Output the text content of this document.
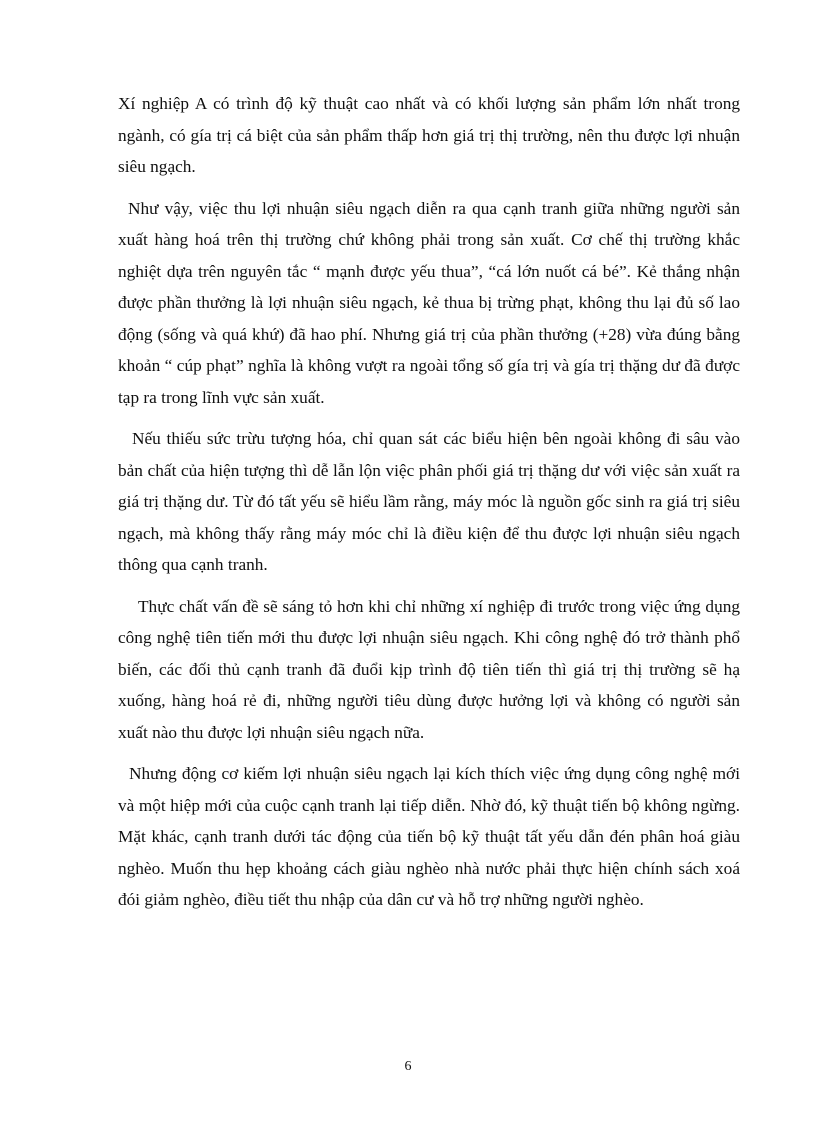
Xí nghiệp A có trình độ kỹ thuật cao nhất và có khối lượng sản phẩm lớn nhất trong ngành, có gía trị cá biệt của sản phẩm thấp hơn giá trị thị trường, nên thu được lợi nhuận siêu ngạch.

Như vậy, việc thu lợi nhuận siêu ngạch diễn ra qua cạnh tranh giữa những người sản xuất hàng hoá trên thị trường chứ không phải trong sản xuất. Cơ chế thị trường khắc nghiệt dựa trên nguyên tắc “ mạnh được yếu thua”, “cá lớn nuốt cá bé”. Kẻ thắng nhận được phần thưởng là lợi nhuận siêu ngạch, kẻ thua bị trừng phạt, không thu lại đủ số lao động (sống và quá khứ) đã hao phí. Nhưng giá trị của phần thưởng (+28) vừa đúng bằng khoản “ cúp phạt” nghĩa là không vượt ra ngoài tổng số gía trị và gía trị thặng dư đã được tạp ra trong lĩnh vực sản xuất.

Nếu thiếu sức trừu tượng hóa, chỉ quan sát các biểu hiện bên ngoài không đi sâu vào bản chất của hiện tượng thì dễ lẫn lộn việc phân phối giá trị thặng dư với việc sản xuất ra giá trị thặng dư. Từ đó tất yếu sẽ hiểu lầm rằng, máy móc là nguồn gốc sinh ra giá trị siêu ngạch, mà không thấy rằng máy móc chỉ là điều kiện để thu được lợi nhuận siêu ngạch thông qua cạnh tranh.

Thực chất vấn đề sẽ sáng tỏ hơn khi chỉ những xí nghiệp đi trước trong việc ứng dụng công nghệ tiên tiến mới thu được lợi nhuận siêu ngạch. Khi công nghệ đó trở thành phổ biến, các đối thủ cạnh tranh đã đuổi kịp trình độ tiên tiến thì giá trị thị trường sẽ hạ xuống, hàng hoá rẻ đi, những người tiêu dùng được hưởng lợi và không có người sản xuất nào thu được lợi nhuận siêu ngạch nữa.

Nhưng động cơ kiếm lợi nhuận siêu ngạch lại kích thích việc ứng dụng công nghệ mới và một hiệp mới của cuộc cạnh tranh lại tiếp diễn. Nhờ đó, kỹ thuật tiến bộ không ngừng. Mặt khác, cạnh tranh dưới tác động của tiến bộ kỹ thuật tất yếu dẫn đén phân hoá giàu nghèo. Muốn thu hẹp khoảng cách giàu nghèo nhà nước phải thực hiện chính sách xoá đói giảm nghèo, điều tiết thu nhập của dân cư và hỗ trợ những người nghèo.

6
